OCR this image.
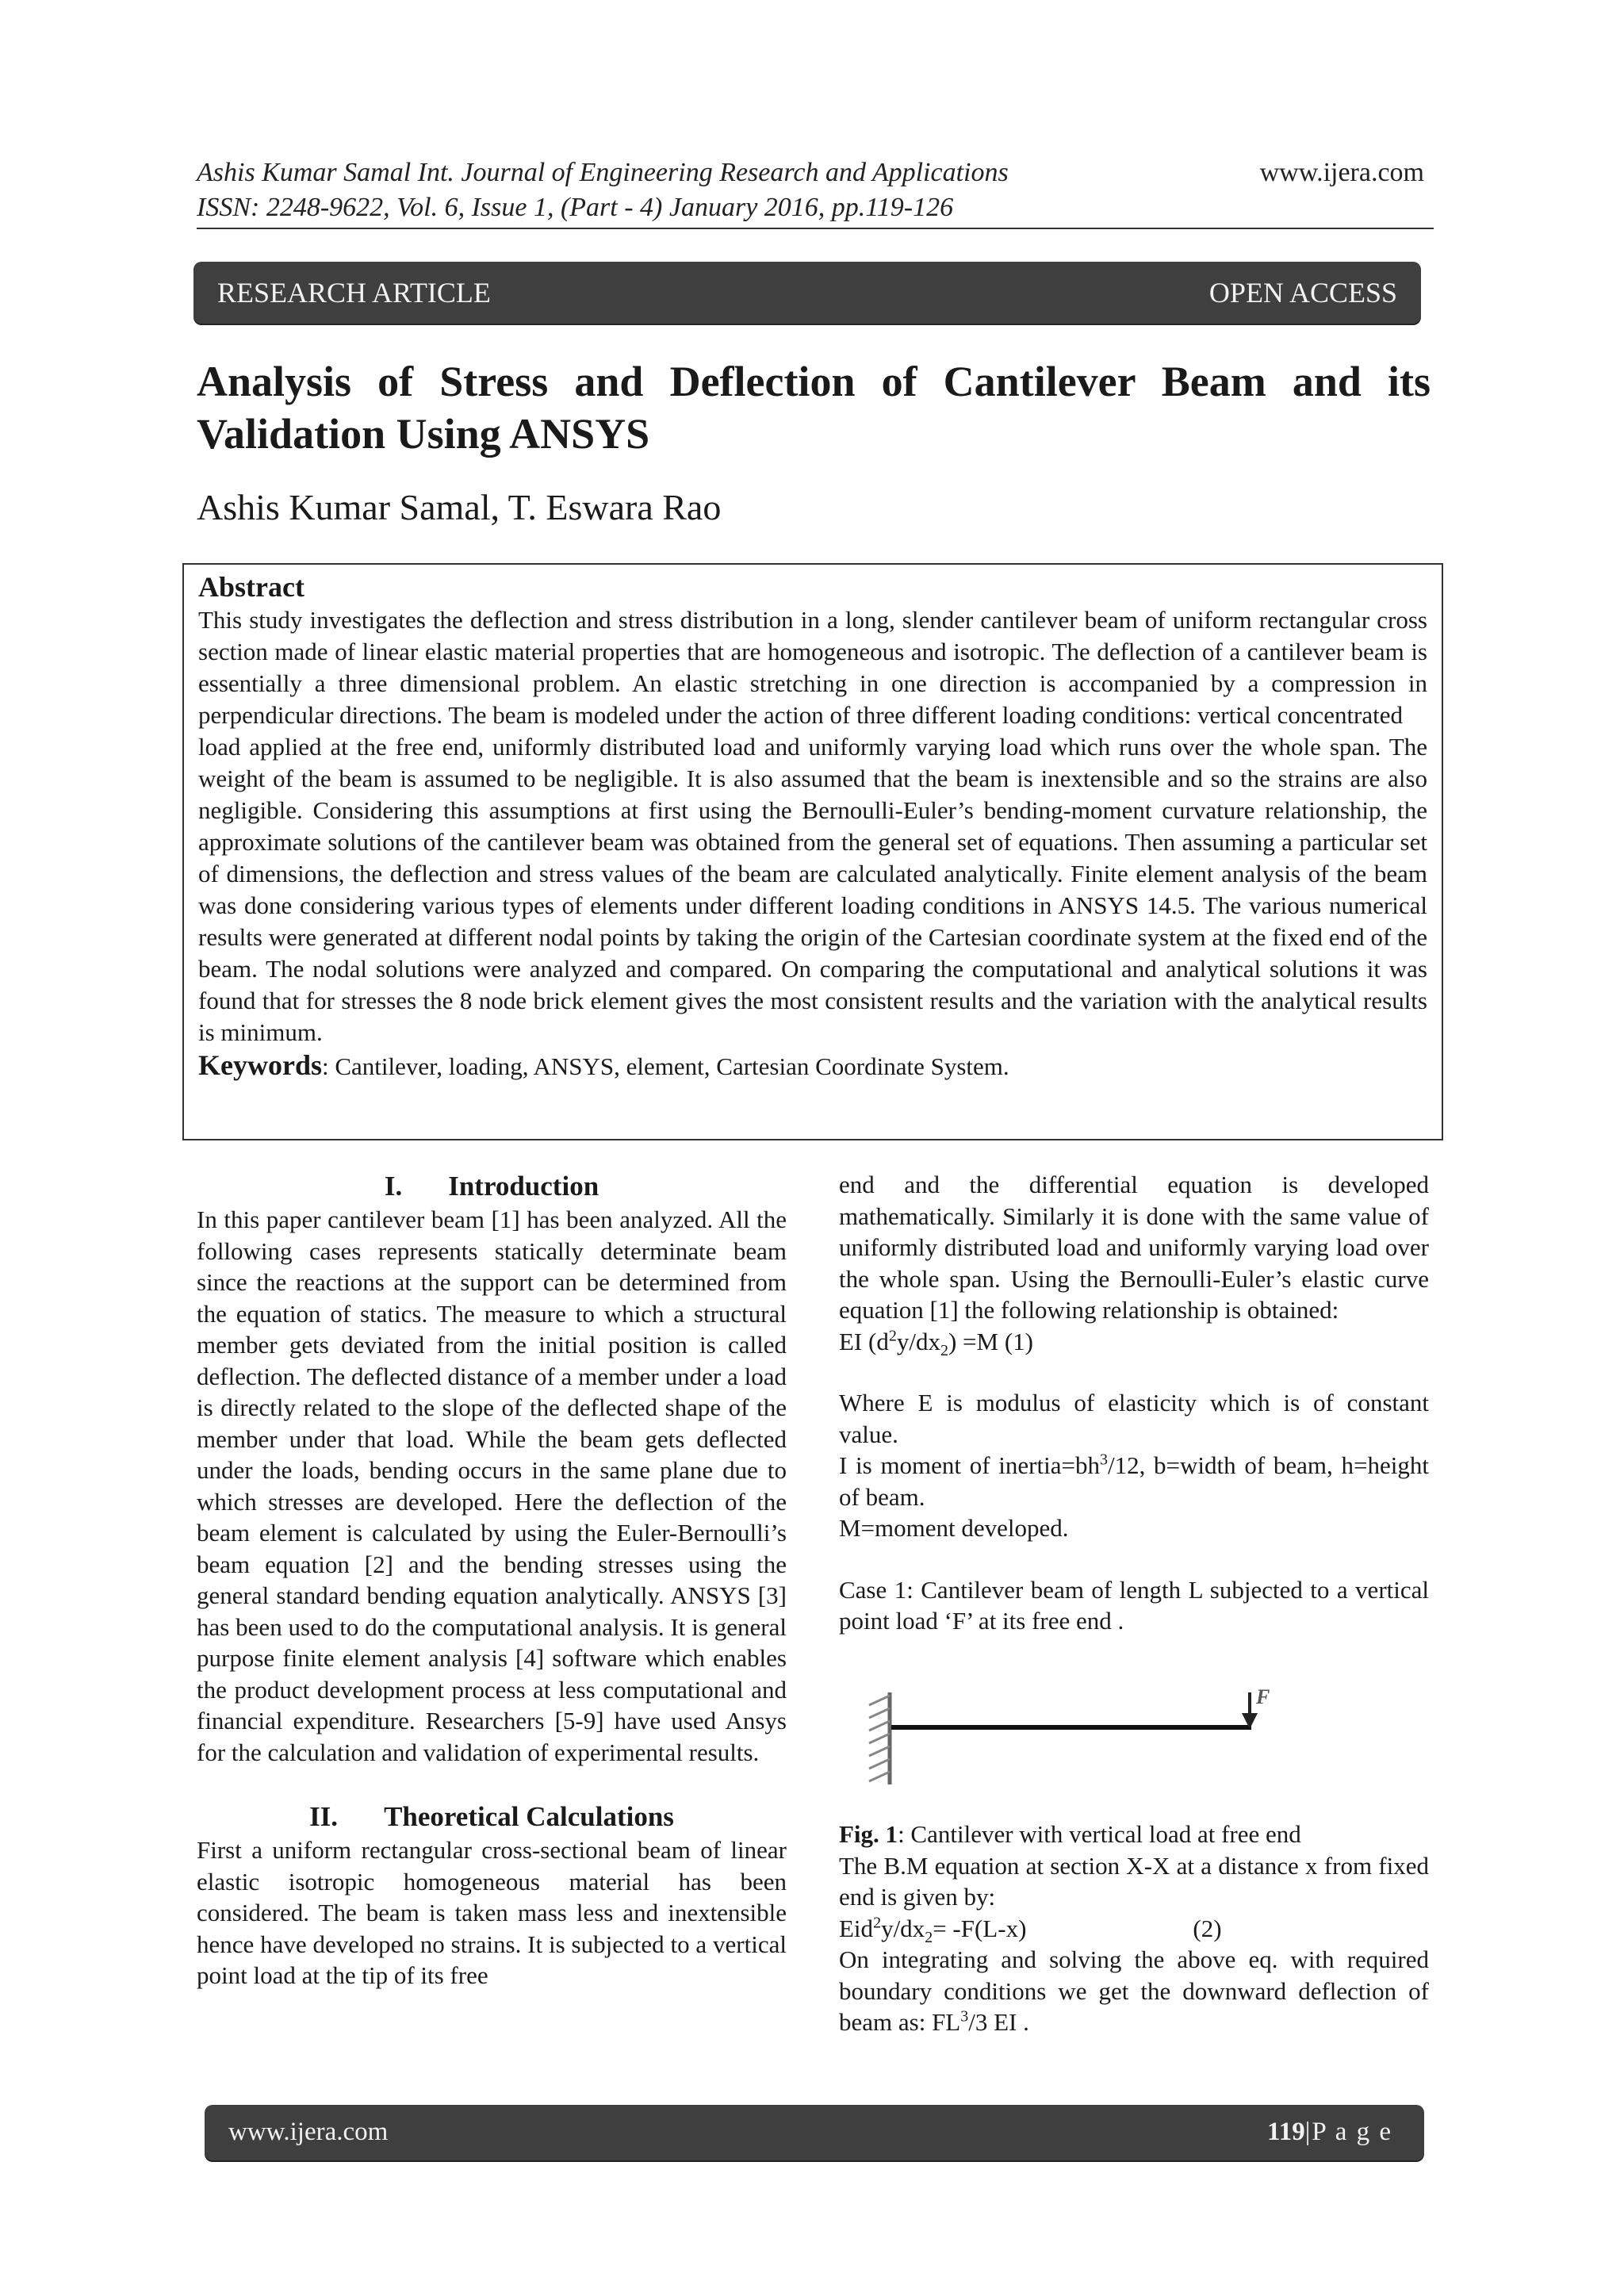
Ashis Kumar Samal Int. Journal of Engineering Research and Applications
ISSN: 2248-9622, Vol. 6, Issue 1, (Part - 4) January 2016, pp.119-126
www.ijera.com
RESEARCH ARTICLE	OPEN ACCESS
Analysis of Stress and Deflection of Cantilever Beam and its Validation Using ANSYS
Ashis Kumar Samal, T. Eswara Rao
Abstract

This study investigates the deflection and stress distribution in a long, slender cantilever beam of uniform rectangular cross section made of linear elastic material properties that are homogeneous and isotropic. The deflection of a cantilever beam is essentially a three dimensional problem. An elastic stretching in one direction is accompanied by a compression in perpendicular directions. The beam is modeled under the action of three different loading conditions: vertical concentrated

load applied at the free end, uniformly distributed load and uniformly varying load which runs over the whole span. The weight of the beam is assumed to be negligible. It is also assumed that the beam is inextensible and so the strains are also negligible. Considering this assumptions at first using the Bernoulli-Euler’s bending-moment curvature relationship, the approximate solutions of the cantilever beam was obtained from the general set of equations. Then assuming a particular set of dimensions, the deflection and stress values of the beam are calculated analytically. Finite element analysis of the beam was done considering various types of elements under different loading conditions in ANSYS 14.5. The various numerical results were generated at different nodal points by taking the origin of the Cartesian coordinate system at the fixed end of the beam. The nodal solutions were analyzed and compared. On comparing the computational and analytical solutions it was found that for stresses the 8 node brick element gives the most consistent results and the variation with the analytical results is minimum.

Keywords: Cantilever, loading, ANSYS, element, Cartesian Coordinate System.
I. Introduction

In this paper cantilever beam [1] has been analyzed. All the following cases represents statically determinate beam since the reactions at the support can be determined from the equation of statics. The measure to which a structural member gets deviated from the initial position is called deflection. The deflected distance of a member under a load is directly related to the slope of the deflected shape of the member under that load. While the beam gets deflected under the loads, bending occurs in the same plane due to which stresses are developed. Here the deflection of the beam element is calculated by using the Euler-Bernoulli’s beam equation [2] and the bending stresses using the general standard bending equation analytically. ANSYS [3] has been used to do the computational analysis. It is general purpose finite element analysis [4] software which enables the product development process at less computational and financial expenditure. Researchers [5-9] have used Ansys for the calculation and validation of experimental results.

II. Theoretical Calculations

First a uniform rectangular cross-sectional beam of linear elastic isotropic homogeneous material has been considered. The beam is taken mass less and inextensible hence have developed no strains. It is subjected to a vertical point load at the tip of its free

end and the differential equation is developed mathematically. Similarly it is done with the same value of uniformly distributed load and uniformly varying load over the whole span. Using the Bernoulli-Euler’s elastic curve equation [1] the following relationship is obtained:

EI $(d^2y/dx_2) =M$ (1)

Where E is modulus of elasticity which is of constant value.

I is moment of $inertia=bh^3/12$, b=width of beam, h=height of beam.

M=moment developed.

Case 1: Cantilever beam of length L subjected to a vertical point load ‘F’ at its free end .

F

Fig. 1: Cantilever with vertical load at free end

The B.M equation at section X-X at a distance x from fixed end is given by:

$Eid^2y/dx_2= -F(L-x)$	(2)

On integrating and solving the above eq. with required boundary conditions we get the downward deflection of beam as: $FL^3/3$ EI .

www.ijera.com	119|P a g e
